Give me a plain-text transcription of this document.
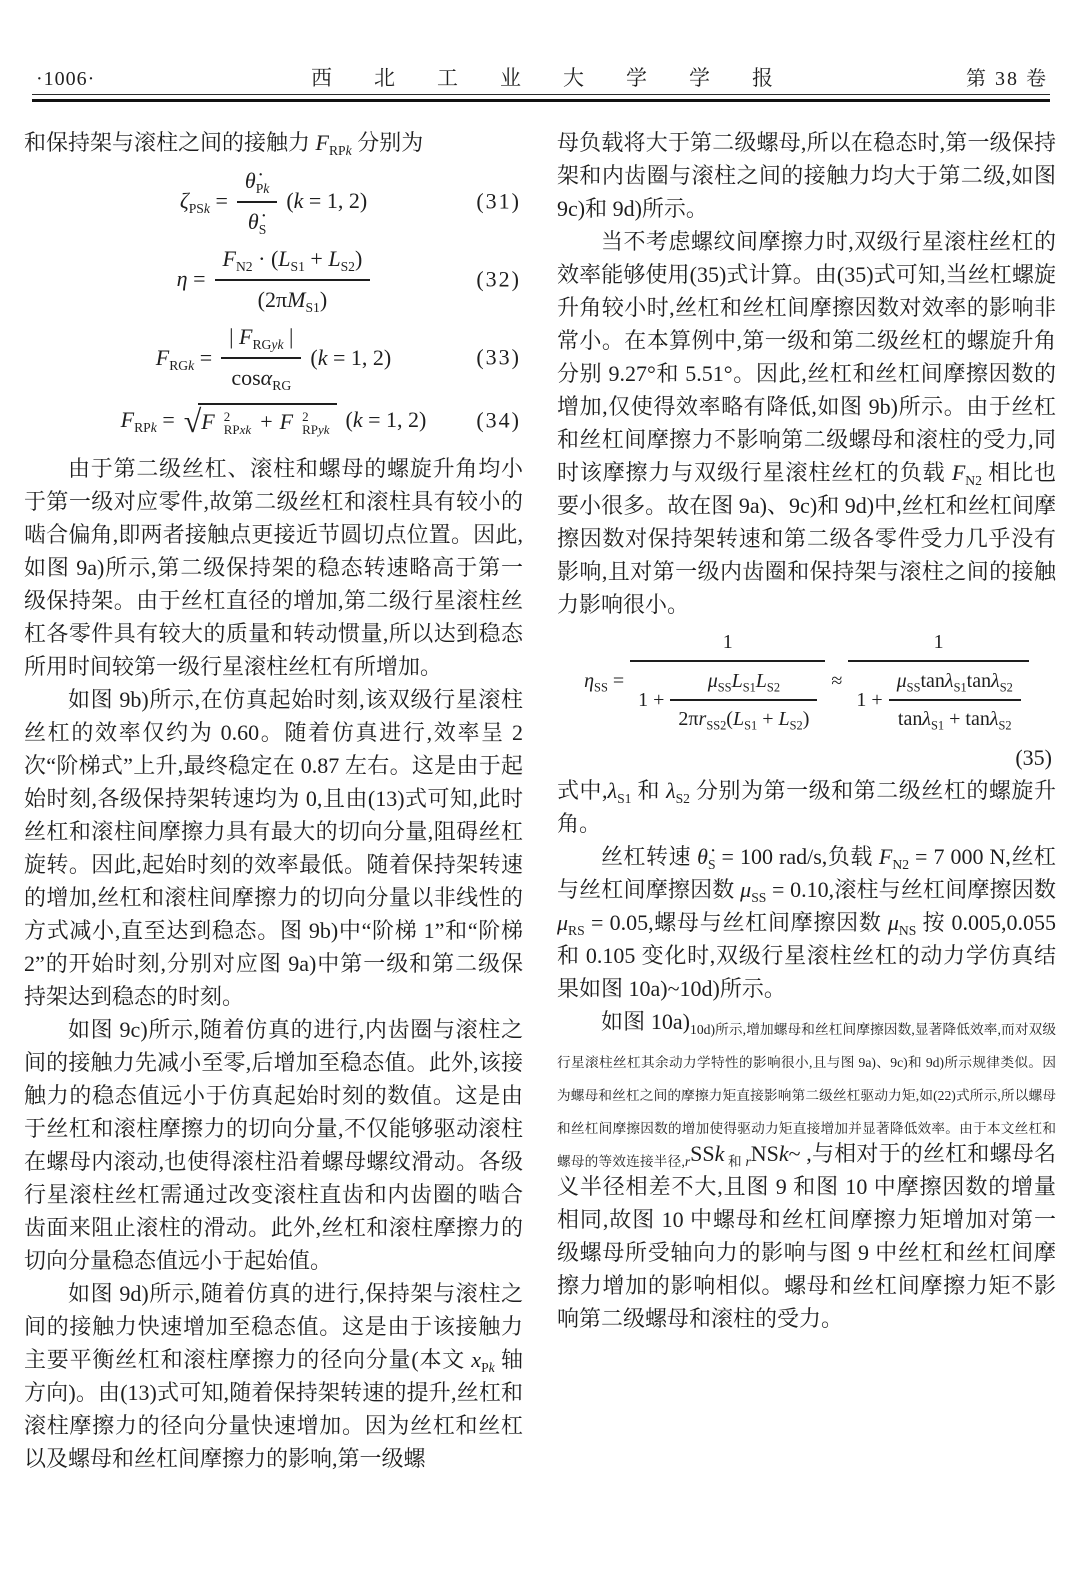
·1006·	西北工业大学学报	第 38 卷

和保持架与滚柱之间的接触力 $F_{RPk}$ 分别为

$\zeta_{PSk} = \frac{\thetȧ_{Pk}}{\thetȧ_S} (k = 1$, 2)	(31)
$\eta = \frac{F_{N2} \cdot (L_{S1} + L_{S2})}{(2\pi M_{S1})}$	(32)
$F_{RGk} = \frac{| F_{RGyk} |}{\cos\alpha_{RG}} (k = 1$, 2)	(33)
$F_{RPk}$ = √ F 2
RPxk + F 2
RPyk (k = 1, 2) (34)

由于第二级丝杠、滚柱和螺母的螺旋升角均小于第一级对应零件,故第二级丝杠和滚柱具有较小的啮合偏角,即两者接触点更接近节圆切点位置。因此,如图 9a)所示,第二级保持架的稳态转速略高于第一级保持架。由于丝杠直径的增加,第二级行星滚柱丝杠各零件具有较大的质量和转动惯量,所以达到稳态所用时间较第一级行星滚柱丝杠有所增加。

如图 9b)所示,在仿真起始时刻,该双级行星滚柱丝杠的效率仅约为 0.60。随着仿真进行,效率呈 2 次“阶梯式”上升,最终稳定在 0.87 左右。这是由于起始时刻,各级保持架转速均为 0,且由(13)式可知,此时丝杠和滚柱间摩擦力具有最大的切向分量,阻碍丝杠旋转。因此,起始时刻的效率最低。随着保持架转速的增加,丝杠和滚柱间摩擦力的切向分量以非线性的方式减小,直至达到稳态。图 9b)中“阶梯 1”和“阶梯 2”的开始时刻,分别对应图 9a)中第一级和第二级保持架达到稳态的时刻。

如图 9c)所示,随着仿真的进行,内齿圈与滚柱之间的接触力先减小至零,后增加至稳态值。此外,该接触力的稳态值远小于仿真起始时刻的数值。这是由于丝杠和滚柱摩擦力的切向分量,不仅能够驱动滚柱在螺母内滚动,也使得滚柱沿着螺母螺纹滑动。各级行星滚柱丝杠需通过改变滚柱直齿和内齿圈的啮合齿面来阻止滚柱的滑动。此外,丝杠和滚柱摩擦力的切向分量稳态值远小于起始值。

如图 9d)所示,随着仿真的进行,保持架与滚柱之间的接触力快速增加至稳态值。这是由于该接触力主要平衡丝杠和滚柱摩擦力的径向分量(本文 $x_{Pk}$ 轴方向)。由(13)式可知,随着保持架转速的提升,丝杠和滚柱摩擦力的径向分量快速增加。因为丝杠和丝杠以及螺母和丝杠间摩擦力的影响,第一级螺

母负载将大于第二级螺母,所以在稳态时,第一级保持架和内齿圈与滚柱之间的接触力均大于第二级,如图 9c)和 9d)所示。

当不考虑螺纹间摩擦力时,双级行星滚柱丝杠的效率能够使用(35)式计算。由(35)式可知,当丝杠螺旋升角较小时,丝杠和丝杠间摩擦因数对效率的影响非常小。在本算例中,第一级和第二级丝杠的螺旋升角分别 9.27°和 5.51°。因此,丝杠和丝杠间摩擦因数的增加,仅使得效率略有降低,如图 9b)所示。由于丝杠和丝杠间摩擦力不影响第二级螺母和滚柱的受力,同时该摩擦力与双级行星滚柱丝杠的负载 $F_{N2}$ 相比也要小很多。故在图 9a)、9c)和 9d)中,丝杠和丝杠间摩擦因数对保持架转速和第二级各零件受力几乎没有影响,且对第一级内齿圈和保持架与滚柱之间的接触力影响很小。

$\eta_{SS}$ =
1
$1 + \frac{\mu_{SS}L_{S1}L_{S2}}{2\pi r_{SS2}(L_{S1} + L_{S2})}$ ≈
1
$1 + \frac{\mu_{SS}\tan\lambda_{S1}\tan\lambda_{S2}}{\tan\lambda_{S1} + \tan\lambda_{S2}}$
(35)

式中$,\lambda_{S1}$ 和 $\lambda_{S2}$ 分别为第一级和第二级丝杠的螺旋升角。

丝杠转速 $\thetȧ_S = 100$ rad/s,负载 $F_{N2} = 7$ 000 N,丝杠与丝杠间摩擦因数 $\mu_{SS} = 0.10$,滚柱与丝杠间摩擦因数 $\mu_{RS} = 0.05$,螺母与丝杠间摩擦因数 $\mu_{NS}$ 按 0.005,0.055 和 0.105 变化时,双级行星滚柱丝杠的动力学仿真结果如图 10a)~10d)所示。

如图 $10a)_{10d)所示,增加螺母和丝杠间摩擦因数,显著降低效率,而对双级行星滚柱丝杠其余动力学特性的影响很小,且与图 9a)、9c)和 9d)所示规律类似。因为螺母和丝杠之间的摩擦力矩直接影响第二级丝杠驱动力矩,如(22)式所示,所以螺母和丝杠间摩擦因数的增加使得驱动力矩直接增加并显著降低效率。由于本文丝杠和螺母的等效连接半径,r}SSk$ $_{和 r}$NSk~ ,与相对于的丝杠和螺母名义半径相差不大,且图 9 和图 10 中摩擦因数的增量相同,故图 10 中螺母和丝杠间摩擦力矩增加对第一级螺母所受轴向力的影响与图 9 中丝杠和丝杠间摩擦力增加的影响相似。螺母和丝杠间摩擦力矩不影响第二级螺母和滚柱的受力。
